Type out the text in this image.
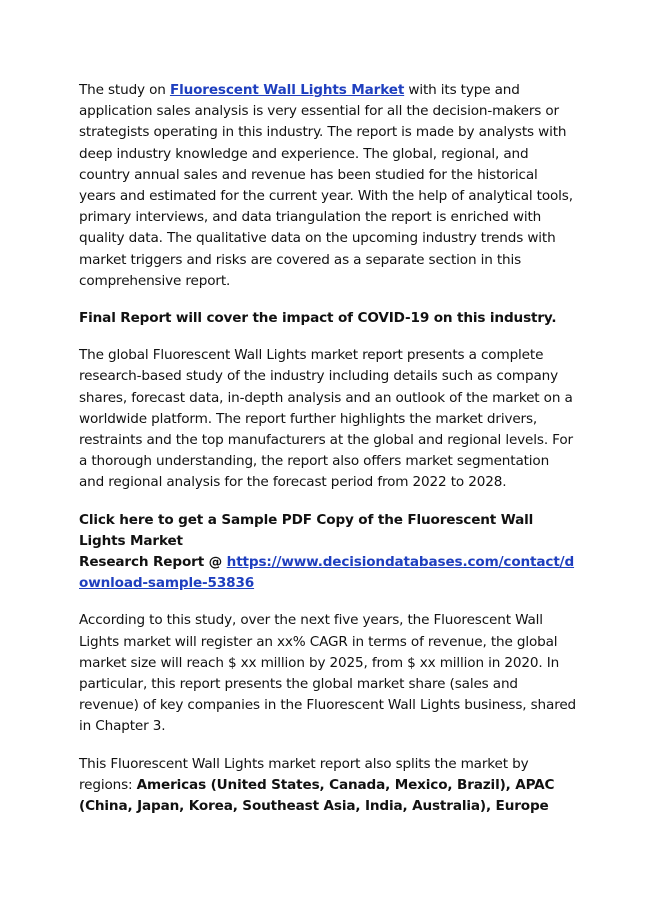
The study on Fluorescent Wall Lights Market with its type and application sales analysis is very essential for all the decision-makers or strategists operating in this industry. The report is made by analysts with deep industry knowledge and experience. The global, regional, and country annual sales and revenue has been studied for the historical years and estimated for the current year. With the help of analytical tools, primary interviews, and data triangulation the report is enriched with quality data. The qualitative data on the upcoming industry trends with market triggers and risks are covered as a separate section in this comprehensive report.

Final Report will cover the impact of COVID-19 on this industry.

The global Fluorescent Wall Lights market report presents a complete research-based study of the industry including details such as company shares, forecast data, in-depth analysis and an outlook of the market on a worldwide platform. The report further highlights the market drivers, restraints and the top manufacturers at the global and regional levels. For a thorough understanding, the report also offers market segmentation and regional analysis for the forecast period from 2022 to 2028.

Click here to get a Sample PDF Copy of the Fluorescent Wall Lights Market
Research Report @ https://www.decisiondatabases.com/contact/download-sample-53836

According to this study, over the next five years, the Fluorescent Wall Lights market will register an xx% CAGR in terms of revenue, the global market size will reach $ xx million by 2025, from $ xx million in 2020. In particular, this report presents the global market share (sales and revenue) of key companies in the Fluorescent Wall Lights business, shared in Chapter 3.

This Fluorescent Wall Lights market report also splits the market by regions: Americas (United States, Canada, Mexico, Brazil), APAC (China, Japan, Korea, Southeast Asia, India, Australia), Europe
